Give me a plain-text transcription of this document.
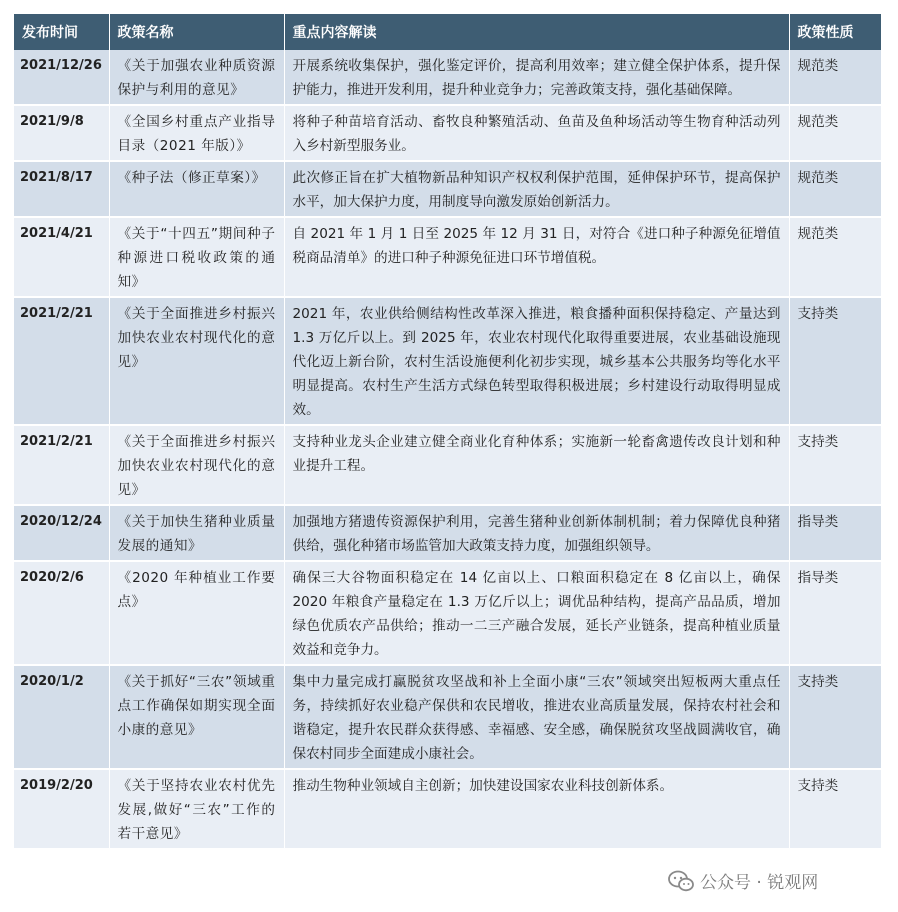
发布时间	政策名称	重点内容解读	政策性质
2021/12/26	《关于加强农业种质资源保护与利用的意见》	开展系统收集保护，强化鉴定评价，提高利用效率；建立健全保护体系，提升保护能力，推进开发利用，提升种业竞争力；完善政策支持，强化基础保障。	规范类
2021/9/8	《全国乡村重点产业指导目录（2021 年版）》	将种子种苗培育活动、畜牧良种繁殖活动、鱼苗及鱼种场活动等生物育种活动列入乡村新型服务业。	规范类
2021/8/17	《种子法（修正草案）》	此次修正旨在扩大植物新品种知识产权权利保护范围，延伸保护环节，提高保护水平，加大保护力度，用制度导向激发原始创新活力。	规范类
2021/4/21	《关于“十四五”期间种子种源进口税收政策的通知》	自 2021 年 1 月 1 日至 2025 年 12 月 31 日，对符合《进口种子种源免征增值税商品清单》的进口种子种源免征进口环节增值税。	规范类
2021/2/21	《关于全面推进乡村振兴加快农业农村现代化的意见》	2021 年，农业供给侧结构性改革深入推进，粮食播种面积保持稳定、产量达到 1.3 万亿斤以上。到 2025 年，农业农村现代化取得重要进展，农业基础设施现代化迈上新台阶，农村生活设施便利化初步实现，城乡基本公共服务均等化水平明显提高。农村生产生活方式绿色转型取得积极进展；乡村建设行动取得明显成效。	支持类
2021/2/21	《关于全面推进乡村振兴加快农业农村现代化的意见》	支持种业龙头企业建立健全商业化育种体系；实施新一轮畜禽遗传改良计划和种业提升工程。	支持类
2020/12/24	《关于加快生猪种业质量发展的通知》	加强地方猪遗传资源保护利用，完善生猪种业创新体制机制；着力保障优良种猪供给，强化种猪市场监管加大政策支持力度，加强组织领导。	指导类
2020/2/6	《2020 年种植业工作要点》	确保三大谷物面积稳定在 14 亿亩以上、口粮面积稳定在 8 亿亩以上，确保 2020 年粮食产量稳定在 1.3 万亿斤以上；调优品种结构，提高产品品质，增加绿色优质农产品供给；推动一二三产融合发展，延长产业链条，提高种植业质量效益和竞争力。	指导类
2020/1/2	《关于抓好“三农”领域重点工作确保如期实现全面小康的意见》	集中力量完成打赢脱贫攻坚战和补上全面小康“三农”领域突出短板两大重点任务，持续抓好农业稳产保供和农民增收，推进农业高质量发展，保持农村社会和谐稳定，提升农民群众获得感、幸福感、安全感，确保脱贫攻坚战圆满收官，确保农村同步全面建成小康社会。	支持类
2019/2/20	《关于坚持农业农村优先发展,做好“三农”工作的若干意见》	推动生物种业领域自主创新；加快建设国家农业科技创新体系。	支持类
公众号 · 锐观网
